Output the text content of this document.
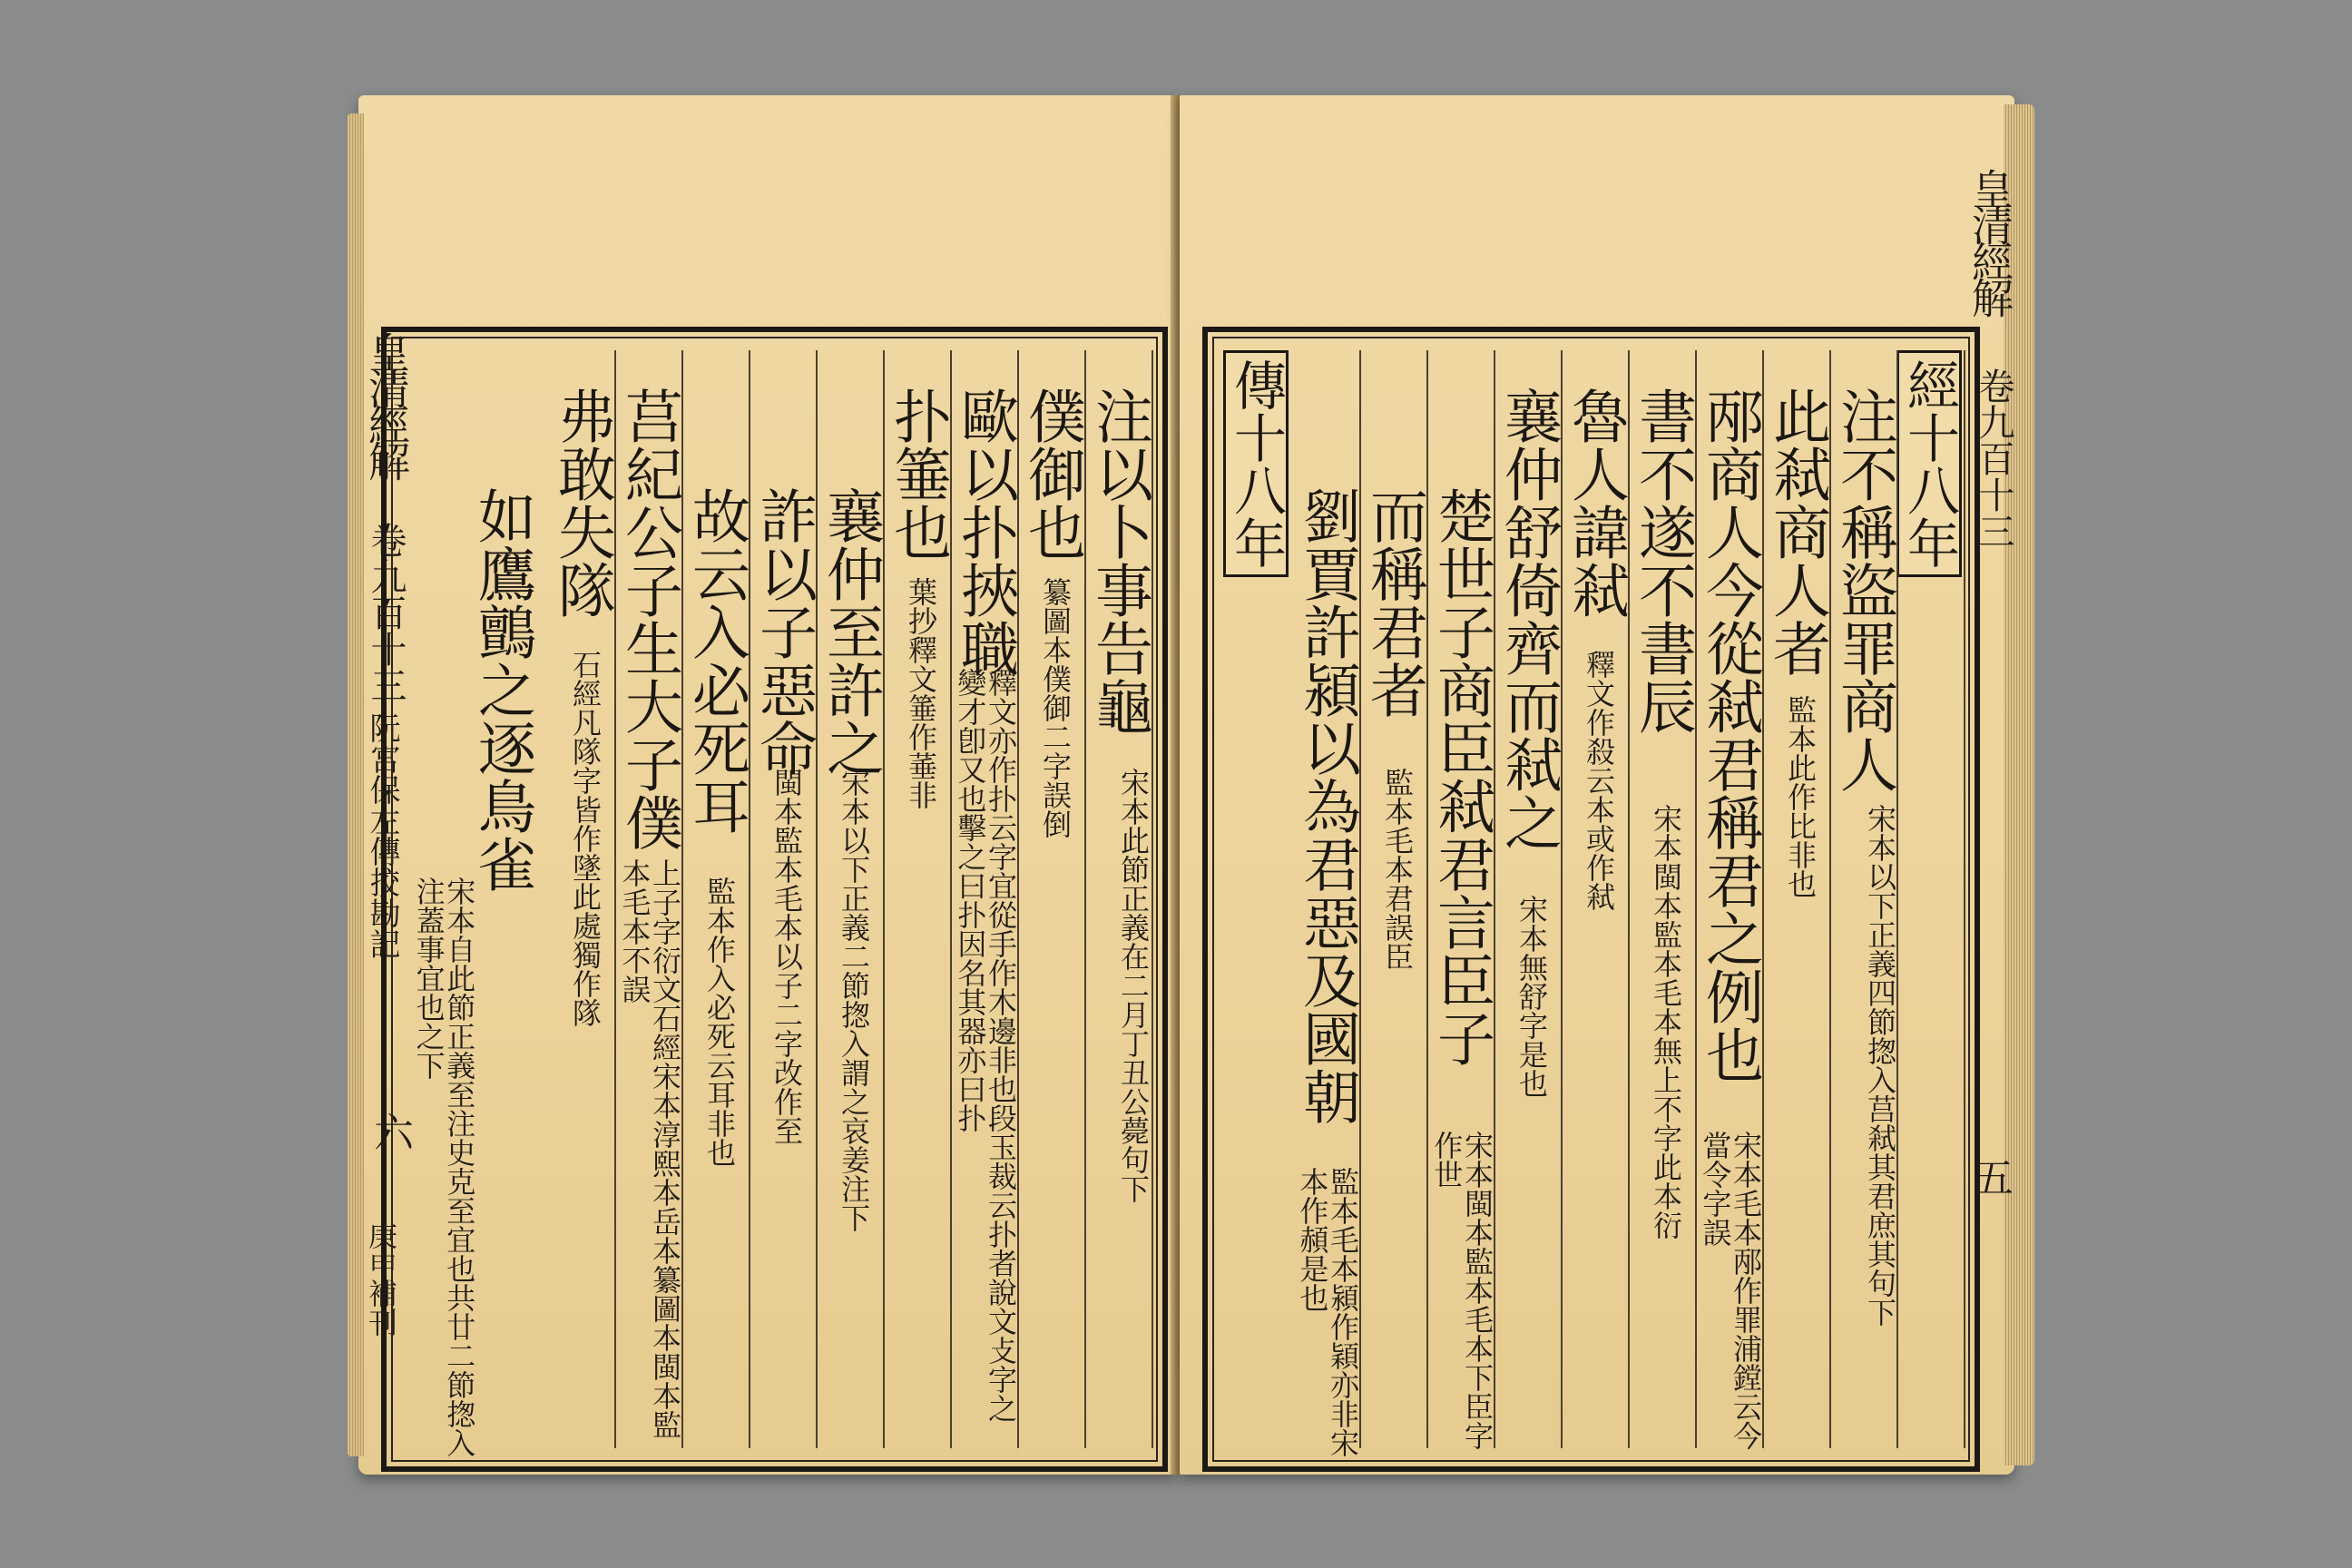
皇清經解
卷九百十三
阮宮保左傳挍勘記
六
庚申補刊
注以卜事告龜
宋本此節正義在二月丁丑公薨句下
僕御也
纂圖本僕御二字誤倒
歐以扑挾職
釋文亦作扑云字宜從手作木邊非也段玉裁云扑者說文攴字之變才卽又也擊之曰扑因名其器亦曰扑
扑箠也
葉抄釋文箠作菙非
襄仲至許之
宋本以下正義二節揔入謂之哀姜注下
詐以子惡命
閩本監本毛本以子二字改作至
故云入必死耳
監本作入必死云耳非也
莒紀公子生大子僕
上子字衍文石經宋本淳熙本岳本纂圖本閩本監本毛本不誤
弗敢失隊
石經凡隊字皆作墜此處獨作隊
如鷹鸇之逐鳥雀
宋本自此節正義至注史克至宜也共廿二節揔入注蓋事宜也之下
皇清經解
卷九百十三
五
經十八年
注不稱盜罪商人
宋本以下正義四節揔入莒弒其君庶其句下
此弒商人者
監本此作比非也
邴商人今從弒君稱君之例也
宋本毛本邴作罪浦鏜云今當令字誤
書不遂不書辰
宋本閩本監本毛本無上不字此本衍
魯人諱弒
釋文作殺云本或作弒
襄仲舒倚齊而弒之
宋本無舒字是也
楚世子商臣弒君言臣子
宋本閩本監本毛本下臣字作世
而稱君者
監本毛本君誤臣
劉賈許潁以為君惡及國朝
監本毛本潁作穎亦非宋本作頳是也
傳十八年
